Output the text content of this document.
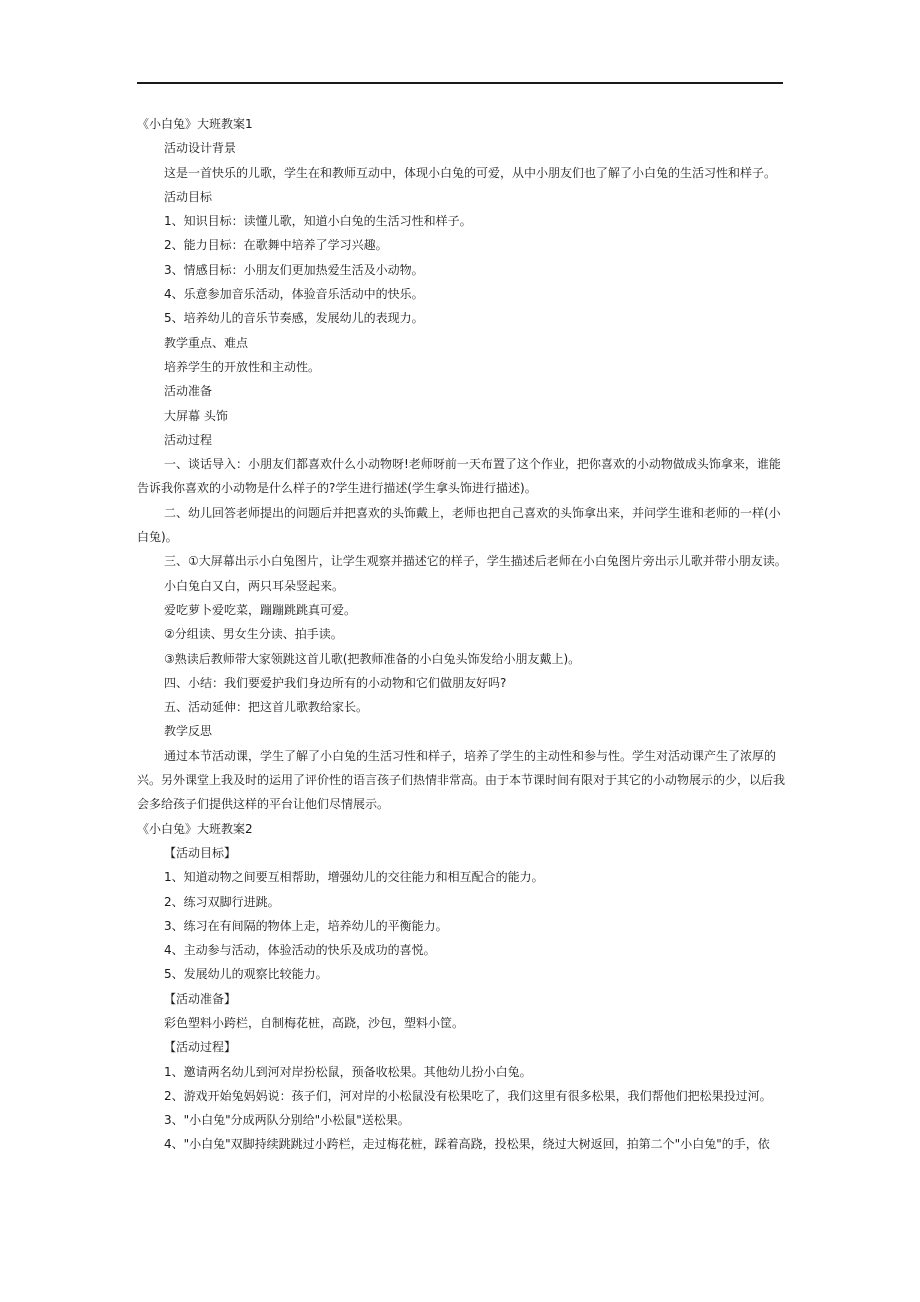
《小白兔》大班教案1
活动设计背景
这是一首快乐的儿歌，学生在和教师互动中，体现小白兔的可爱，从中小朋友们也了解了小白兔的生活习性和样子。
活动目标
1、知识目标：读懂儿歌，知道小白兔的生活习性和样子。
2、能力目标：在歌舞中培养了学习兴趣。
3、情感目标：小朋友们更加热爱生活及小动物。
4、乐意参加音乐活动，体验音乐活动中的快乐。
5、培养幼儿的音乐节奏感，发展幼儿的表现力。
教学重点、难点
培养学生的开放性和主动性。
活动准备
大屏幕 头饰
活动过程
一、谈话导入：小朋友们都喜欢什么小动物呀!老师呀前一天布置了这个作业，把你喜欢的小动物做成头饰拿来，谁能告诉我你喜欢的小动物是什么样子的?学生进行描述(学生拿头饰进行描述)。
二、幼儿回答老师提出的问题后并把喜欢的头饰戴上，老师也把自己喜欢的头饰拿出来，并问学生谁和老师的一样(小白兔)。
三、①大屏幕出示小白兔图片，让学生观察并描述它的样子，学生描述后老师在小白兔图片旁出示儿歌并带小朋友读。
小白兔白又白，两只耳朵竖起来。
爱吃萝卜爱吃菜，蹦蹦跳跳真可爱。
②分组读、男女生分读、拍手读。
③熟读后教师带大家领跳这首儿歌(把教师准备的小白兔头饰发给小朋友戴上)。
四、小结：我们要爱护我们身边所有的小动物和它们做朋友好吗?
五、活动延伸：把这首儿歌教给家长。
教学反思
通过本节活动课，学生了解了小白兔的生活习性和样子，培养了学生的主动性和参与性。学生对活动课产生了浓厚的兴。另外课堂上我及时的运用了评价性的语言孩子们热情非常高。由于本节课时间有限对于其它的小动物展示的少，以后我会多给孩子们提供这样的平台让他们尽情展示。
《小白兔》大班教案2
【活动目标】
1、知道动物之间要互相帮助，增强幼儿的交往能力和相互配合的能力。
2、练习双脚行进跳。
3、练习在有间隔的物体上走，培养幼儿的平衡能力。
4、主动参与活动，体验活动的快乐及成功的喜悦。
5、发展幼儿的观察比较能力。
【活动准备】
彩色塑料小跨栏，自制梅花桩，高跷，沙包，塑料小筐。
【活动过程】
1、邀请两名幼儿到河对岸扮松鼠，预备收松果。其他幼儿扮小白兔。
2、游戏开始兔妈妈说：孩子们，河对岸的小松鼠没有松果吃了，我们这里有很多松果，我们帮他们把松果投过河。
3、"小白兔"分成两队分别给"小松鼠"送松果。
4、"小白兔"双脚持续跳跳过小跨栏，走过梅花桩，踩着高跷，投松果，绕过大树返回，拍第二个"小白兔"的手，依
